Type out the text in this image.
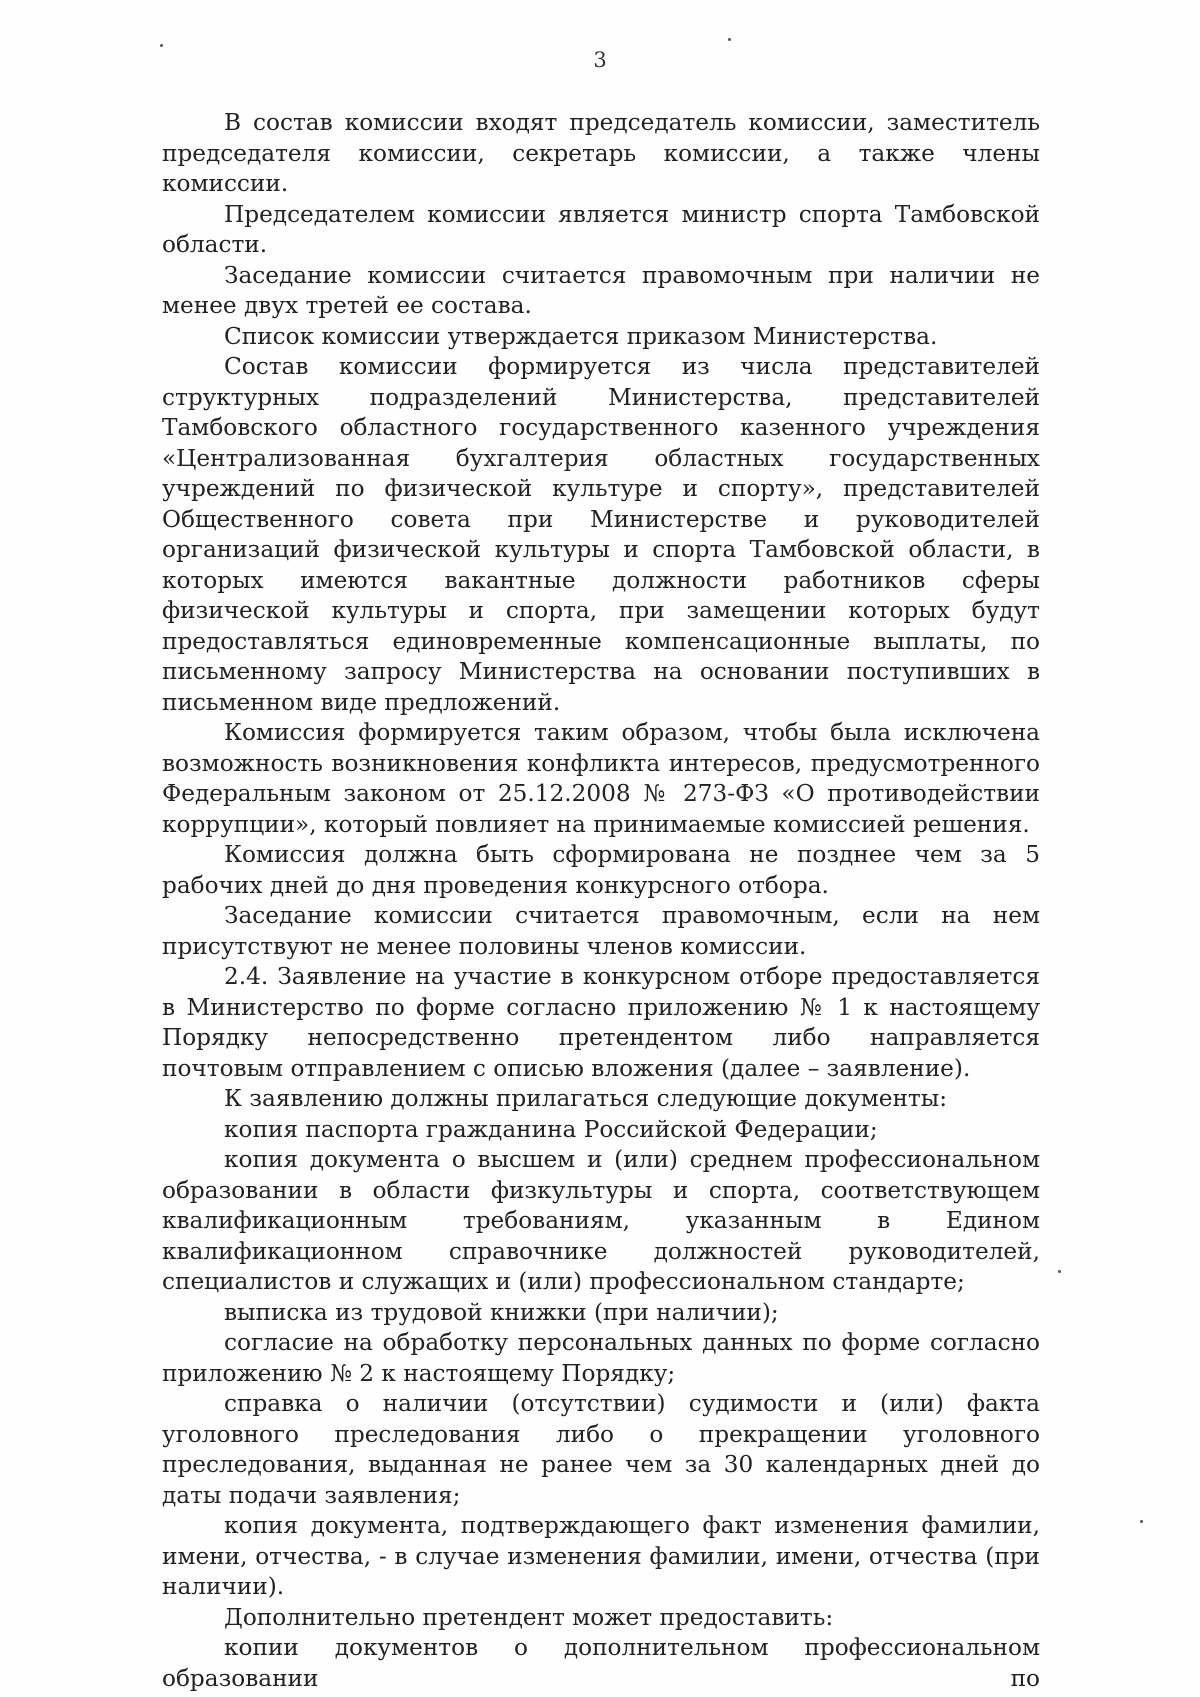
3

В состав комиссии входят председатель комиссии, заместитель председателя комиссии, секретарь комиссии, а также члены комиссии.

Председателем комиссии является министр спорта Тамбовской области.

Заседание комиссии считается правомочным при наличии не менее двух третей ее состава.

Список комиссии утверждается приказом Министерства.

Состав комиссии формируется из числа представителей структурных подразделений Министерства, представителей Тамбовского областного государственного казенного учреждения «Централизованная бухгалтерия областных государственных учреждений по физической культуре и спорту», представителей Общественного совета при Министерстве и руководителей организаций физической культуры и спорта Тамбовской области, в которых имеются вакантные должности работников сферы физической культуры и спорта, при замещении которых будут предоставляться единовременные компенсационные выплаты, по письменному запросу Министерства на основании поступивших в письменном виде предложений.

Комиссия формируется таким образом, чтобы была исключена возможность возникновения конфликта интересов, предусмотренного Федеральным законом от 25.12.2008 № 273-ФЗ «О противодействии коррупции», который повлияет на принимаемые комиссией решения.

Комиссия должна быть сформирована не позднее чем за 5 рабочих дней до дня проведения конкурсного отбора.

Заседание комиссии считается правомочным, если на нем присутствуют не менее половины членов комиссии.

2.4. Заявление на участие в конкурсном отборе предоставляется в Министерство по форме согласно приложению № 1 к настоящему Порядку непосредственно претендентом либо направляется почтовым отправлением с описью вложения (далее – заявление).

К заявлению должны прилагаться следующие документы:

копия паспорта гражданина Российской Федерации;

копия документа о высшем и (или) среднем профессиональном образовании в области физкультуры и спорта, соответствующем квалификационным требованиям, указанным в Едином квалификационном справочнике должностей руководителей, специалистов и служащих и (или) профессиональном стандарте;

выписка из трудовой книжки (при наличии);

согласие на обработку персональных данных по форме согласно приложению № 2 к настоящему Порядку;

справка о наличии (отсутствии) судимости и (или) факта уголовного преследования либо о прекращении уголовного преследования, выданная не ранее чем за 30 календарных дней до даты подачи заявления;

копия документа, подтверждающего факт изменения фамилии, имени, отчества, - в случае изменения фамилии, имени, отчества (при наличии).

Дополнительно претендент может предоставить:

копии документов о дополнительном профессиональном образовании по
